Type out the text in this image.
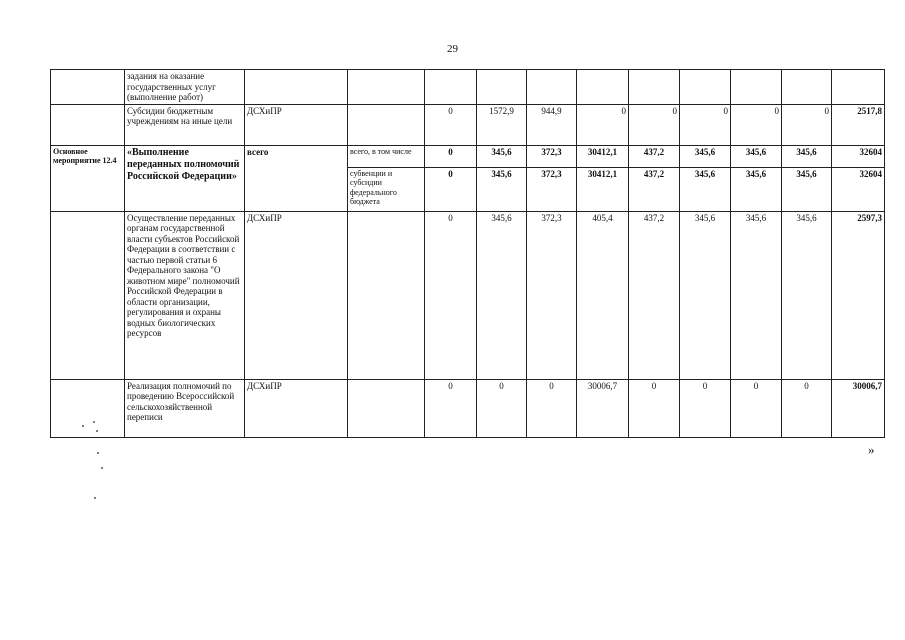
29
	задания на оказание государственных услуг (выполнение работ)											
	Субсидии бюджетным учреждениям на иные цели	ДСХиПР		0	1572,9	944,9	0	0	0	0	0	2517,8
Основное мероприятие 12.4	«Выполнение переданных полномочий Российской Федерации»	всего	всего, в том числе	0	345,6	372,3	30412,1	437,2	345,6	345,6	345,6	32604
			субвенции и субсидии федерального бюджета	0	345,6	372,3	30412,1	437,2	345,6	345,6	345,6	32604
	Осуществление переданных органам государственной власти субъектов Российской Федерации в соответствии с частью первой статьи 6 Федерального закона "О животном мире" полномочий Российской Федерации в области организации, регулирования и охраны водных биологических ресурсов	ДСХиПР		0	345,6	372,3	405,4	437,2	345,6	345,6	345,6	2597,3
	Реализация полномочий по проведению Всероссийской сельскохозяйственной переписи	ДСХиПР		0	0	0	30006,7	0	0	0	0	30006,7
»
